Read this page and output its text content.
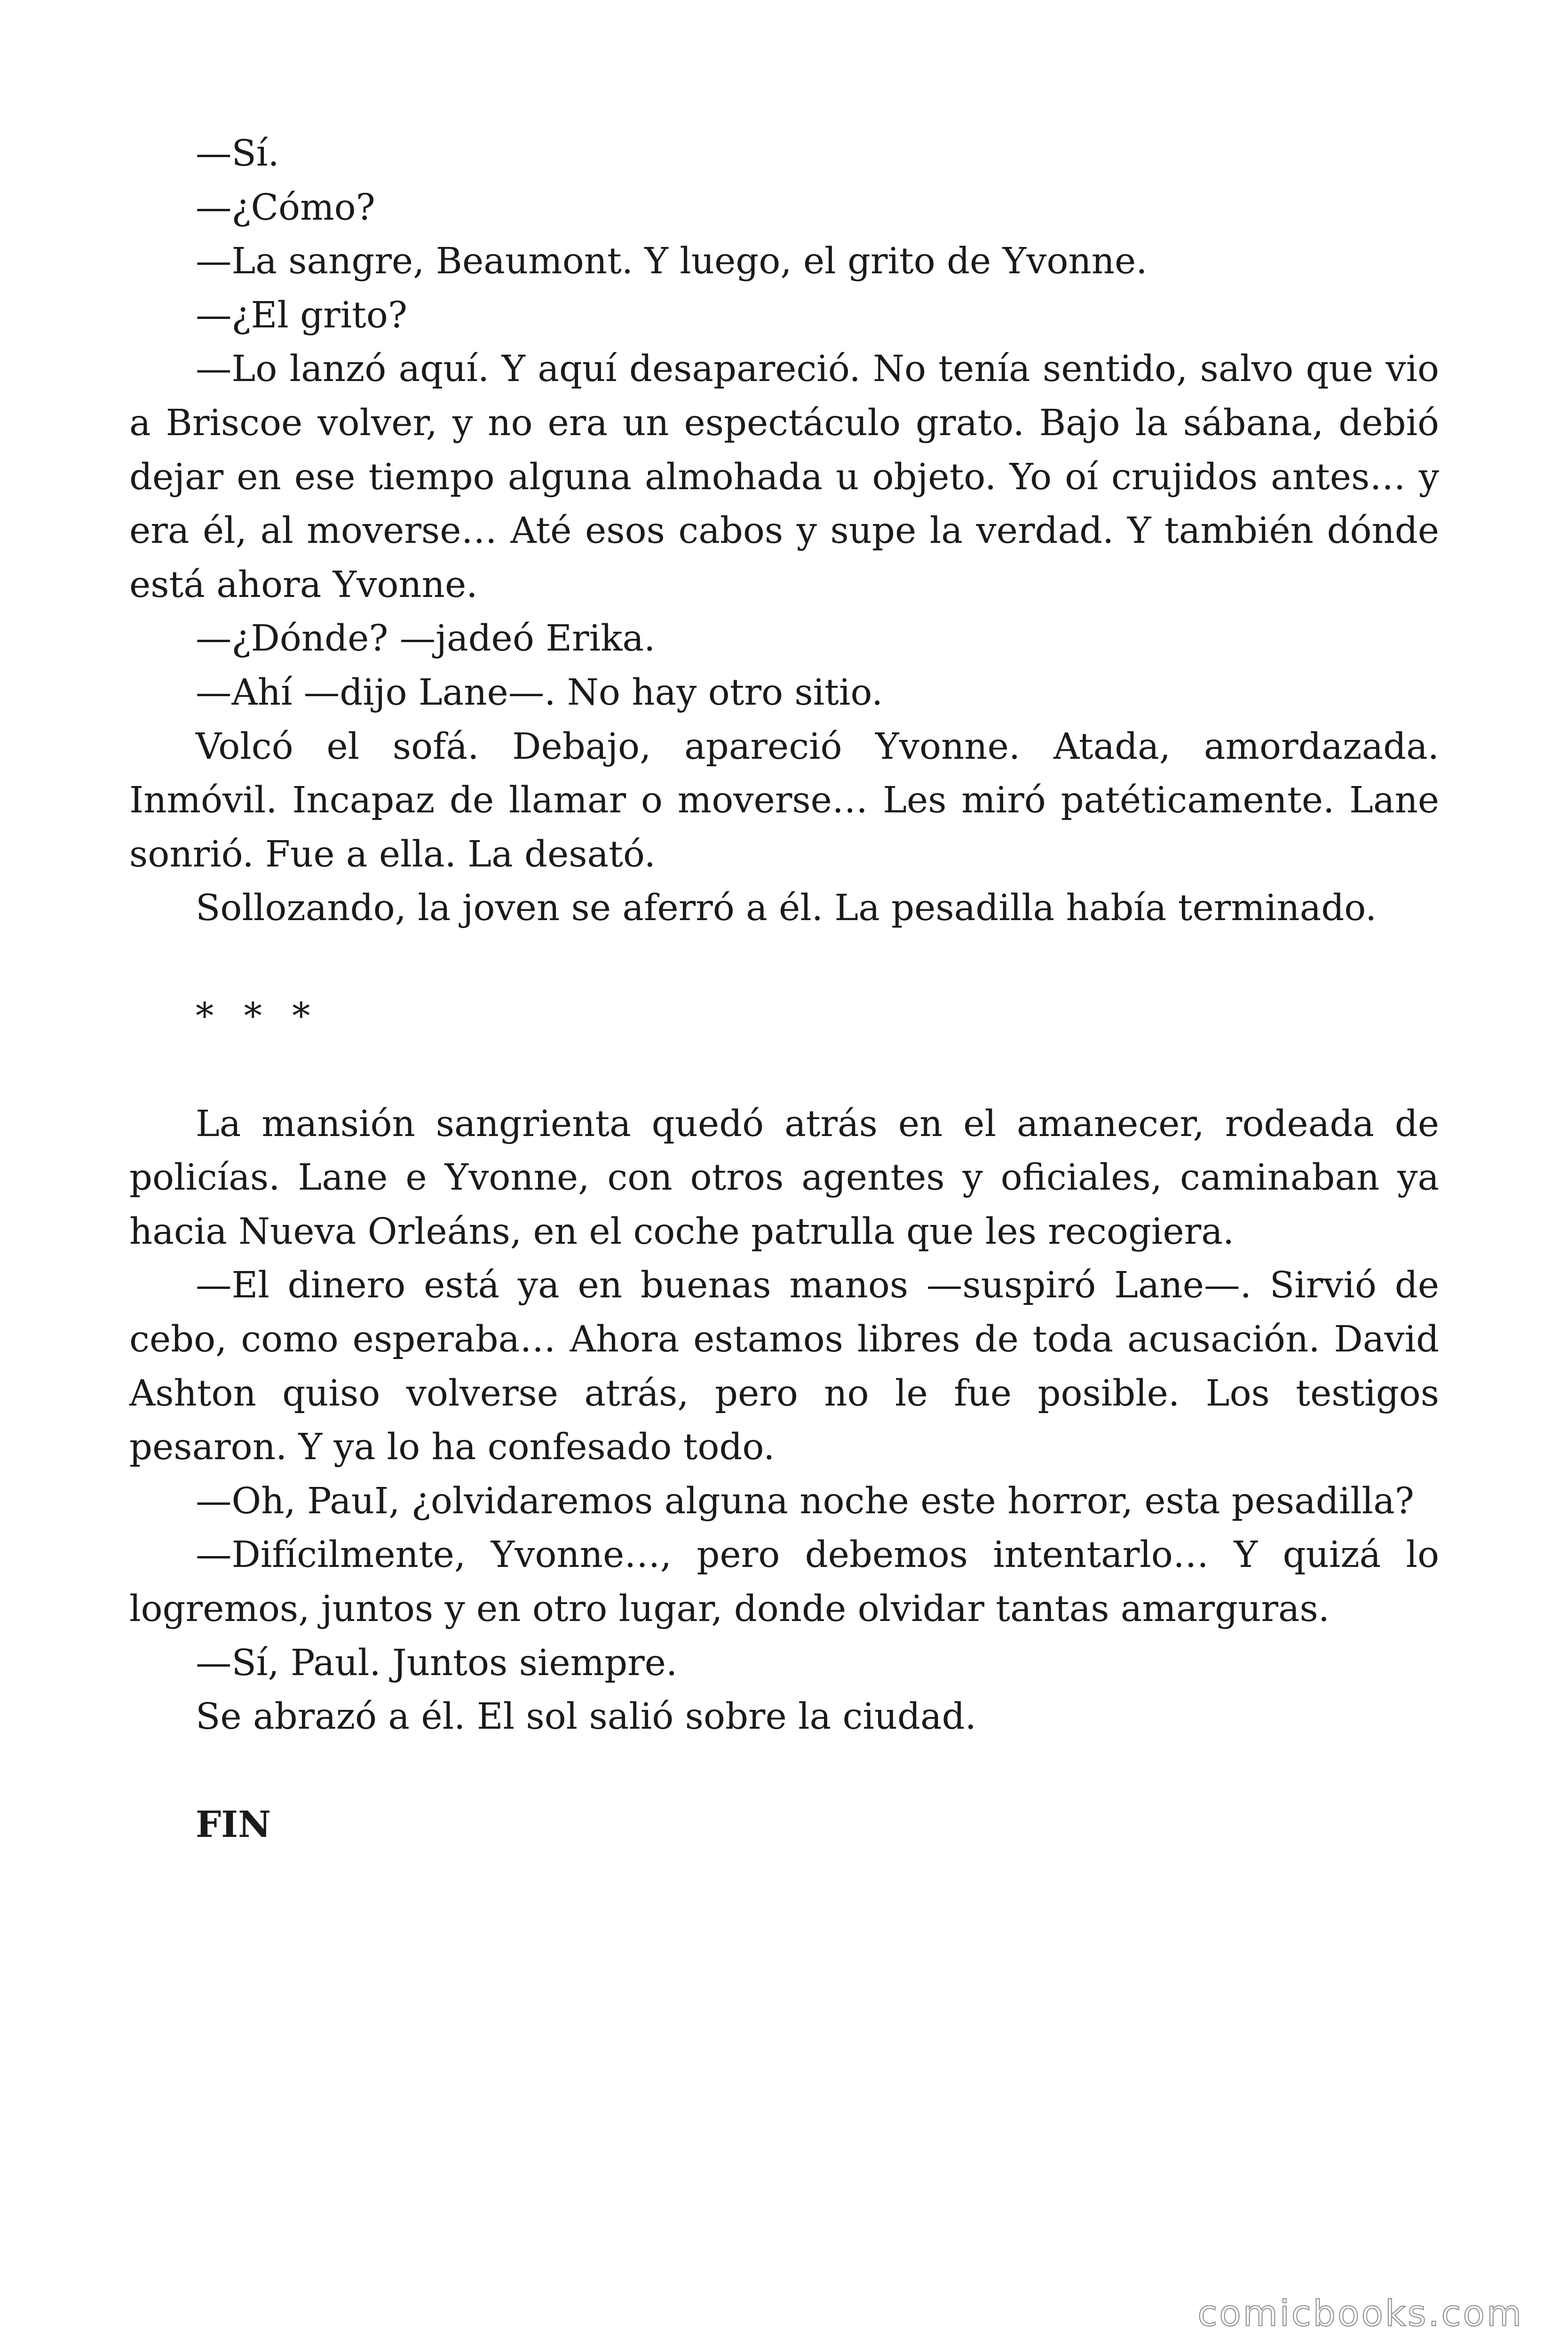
—Sí.

—¿Cómo?

—La sangre, Beaumont. Y luego, el grito de Yvonne.

—¿El grito?

—Lo lanzó aquí. Y aquí desapareció. No tenía sentido, salvo que vio a Briscoe volver, y no era un espectáculo grato. Bajo la sábana, debió dejar en ese tiempo alguna almohada u objeto. Yo oí crujidos antes… y era él, al moverse… Até esos cabos y supe la verdad. Y también dónde está ahora Yvonne.

—¿Dónde? —jadeó Erika.

—Ahí —dijo Lane—. No hay otro sitio.

Volcó el sofá. Debajo, apareció Yvonne. Atada, amordazada. Inmóvil. Incapaz de llamar o moverse… Les miró patéticamente. Lane sonrió. Fue a ella. La desató.

Sollozando, la joven se aferró a él. La pesadilla había terminado.

* * *

La mansión sangrienta quedó atrás en el amanecer, rodeada de policías. Lane e Yvonne, con otros agentes y oficiales, caminaban ya hacia Nueva Orleáns, en el coche patrulla que les recogiera.

—El dinero está ya en buenas manos —suspiró Lane—. Sirvió de cebo, como esperaba… Ahora estamos libres de toda acusación. David Ashton quiso volverse atrás, pero no le fue posible. Los testigos pesaron. Y ya lo ha confesado todo.

—Oh, PauI, ¿olvidaremos alguna noche este horror, esta pesadilla?

—Difícilmente, Yvonne…, pero debemos intentarlo… Y quizá lo logremos, juntos y en otro lugar, donde olvidar tantas amarguras.

—Sí, Paul. Juntos siempre.

Se abrazó a él. El sol salió sobre la ciudad.

FIN

comicbooks.com
